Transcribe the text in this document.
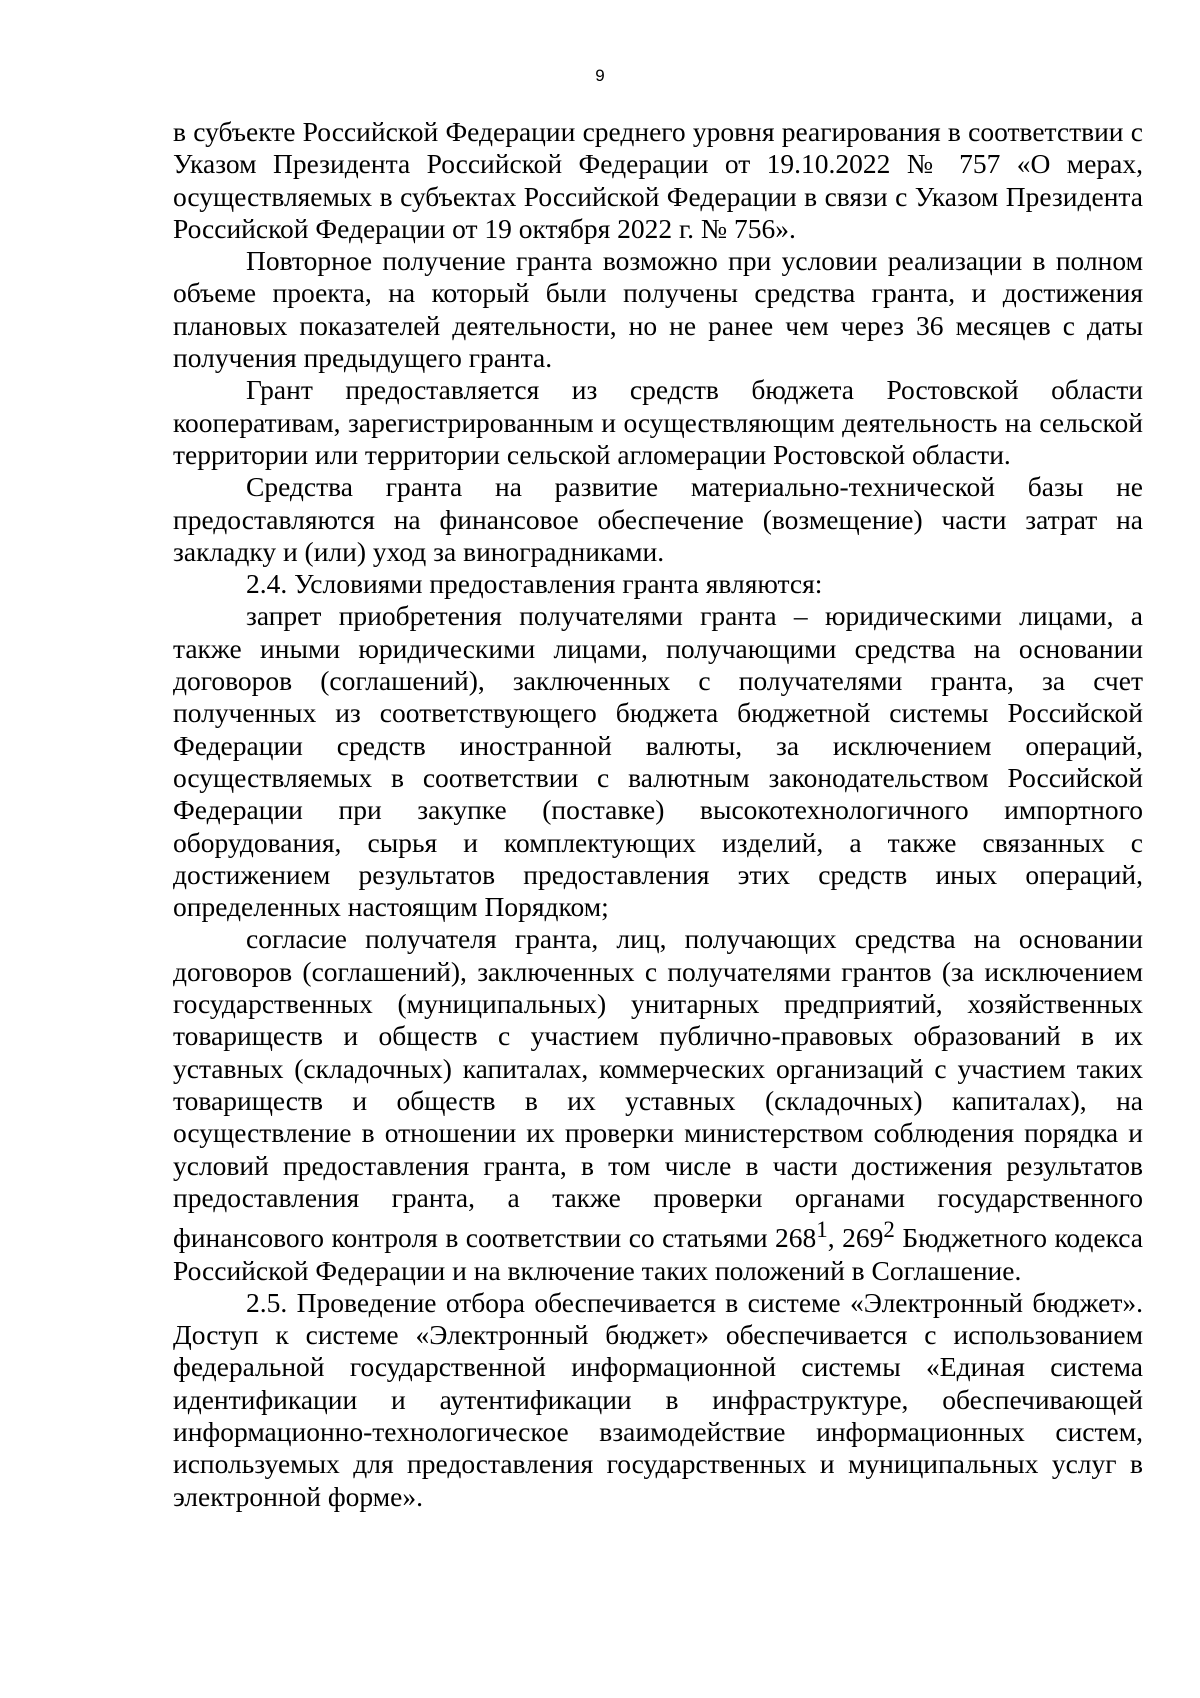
9

в субъекте Российской Федерации среднего уровня реагирования в соответствии с Указом Президента Российской Федерации от 19.10.2022 № 757 «О мерах, осуществляемых в субъектах Российской Федерации в связи с Указом Президента Российской Федерации от 19 октября 2022 г. № 756».

Повторное получение гранта возможно при условии реализации в полном объеме проекта, на который были получены средства гранта, и достижения плановых показателей деятельности, но не ранее чем через 36 месяцев с даты получения предыдущего гранта.

Грант предоставляется из средств бюджета Ростовской области кооперативам, зарегистрированным и осуществляющим деятельность на сельской территории или территории сельской агломерации Ростовской области.

Средства гранта на развитие материально-технической базы не предоставляются на финансовое обеспечение (возмещение) части затрат на закладку и (или) уход за виноградниками.

2.4. Условиями предоставления гранта являются:

запрет приобретения получателями гранта – юридическими лицами, а также иными юридическими лицами, получающими средства на основании договоров (соглашений), заключенных с получателями гранта, за счет полученных из соответствующего бюджета бюджетной системы Российской Федерации средств иностранной валюты, за исключением операций, осуществляемых в соответствии с валютным законодательством Российской Федерации при закупке (поставке) высокотехнологичного импортного оборудования, сырья и комплектующих изделий, а также связанных с достижением результатов предоставления этих средств иных операций, определенных настоящим Порядком;

согласие получателя гранта, лиц, получающих средства на основании договоров (соглашений), заключенных с получателями грантов (за исключением государственных (муниципальных) унитарных предприятий, хозяйственных товариществ и обществ с участием публично-правовых образований в их уставных (складочных) капиталах, коммерческих организаций с участием таких товариществ и обществ в их уставных (складочных) капиталах), на осуществление в отношении их проверки министерством соблюдения порядка и условий предоставления гранта, в том числе в части достижения результатов предоставления гранта, а также проверки органами государственного финансового контроля в соответствии со статьями $268^1$, $269^2$ Бюджетного кодекса Российской Федерации и на включение таких положений в Соглашение.

2.5. Проведение отбора обеспечивается в системе «Электронный бюджет». Доступ к системе «Электронный бюджет» обеспечивается с использованием федеральной государственной информационной системы «Единая система идентификации и аутентификации в инфраструктуре, обеспечивающей информационно-технологическое взаимодействие информационных систем, используемых для предоставления государственных и муниципальных услуг в электронной форме».
